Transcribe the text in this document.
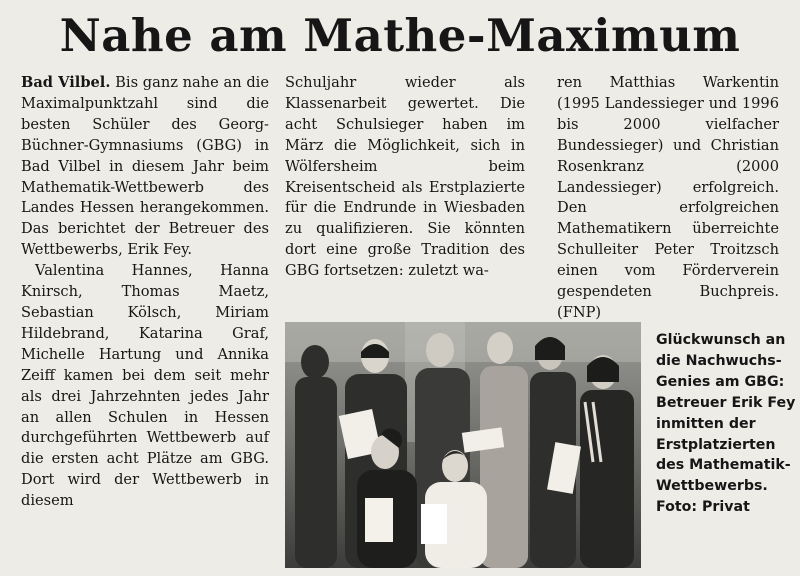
Nahe am Mathe-Maximum

Bad Vilbel. Bis ganz nahe an die Maximalpunktzahl sind die besten Schüler des Georg-Büchner-Gymnasiums (GBG) in Bad Vilbel in diesem Jahr beim Mathematik-Wettbewerb des Landes Hessen herangekommen. Das berichtet der Betreuer des Wettbewerbs, Erik Fey.

Valentina Hannes, Hanna Knirsch, Thomas Maetz, Sebastian Kölsch, Miriam Hildebrand, Katarina Graf, Michelle Hartung und Annika Zeiff kamen bei dem seit mehr als drei Jahrzehnten jedes Jahr an allen Schulen in Hessen durchgeführten Wettbewerb auf die ersten acht Plätze am GBG. Dort wird der Wettbewerb in diesem

Schuljahr wieder als Klassenarbeit gewertet. Die acht Schulsieger haben im März die Möglichkeit, sich in Wölfersheim beim Kreisentscheid als Erstplazierte für die Endrunde in Wiesbaden zu qualifizieren. Sie könnten dort eine große Tradition des GBG fortsetzen: zuletzt wa-

ren Matthias Warkentin (1995 Landessieger und 1996 bis 2000 vielfacher Bundessieger) und Christian Rosenkranz (2000 Landessieger) erfolgreich. Den erfolgreichen Mathematikern überreichte Schulleiter Peter Troitzsch einen vom Förderverein gespendeten Buchpreis. (FNP)

Glückwunsch an die Nachwuchs-Genies am GBG: Betreuer Erik Fey inmitten der Erstplatzierten des Mathematik-Wettbewerbs. Foto: Privat
